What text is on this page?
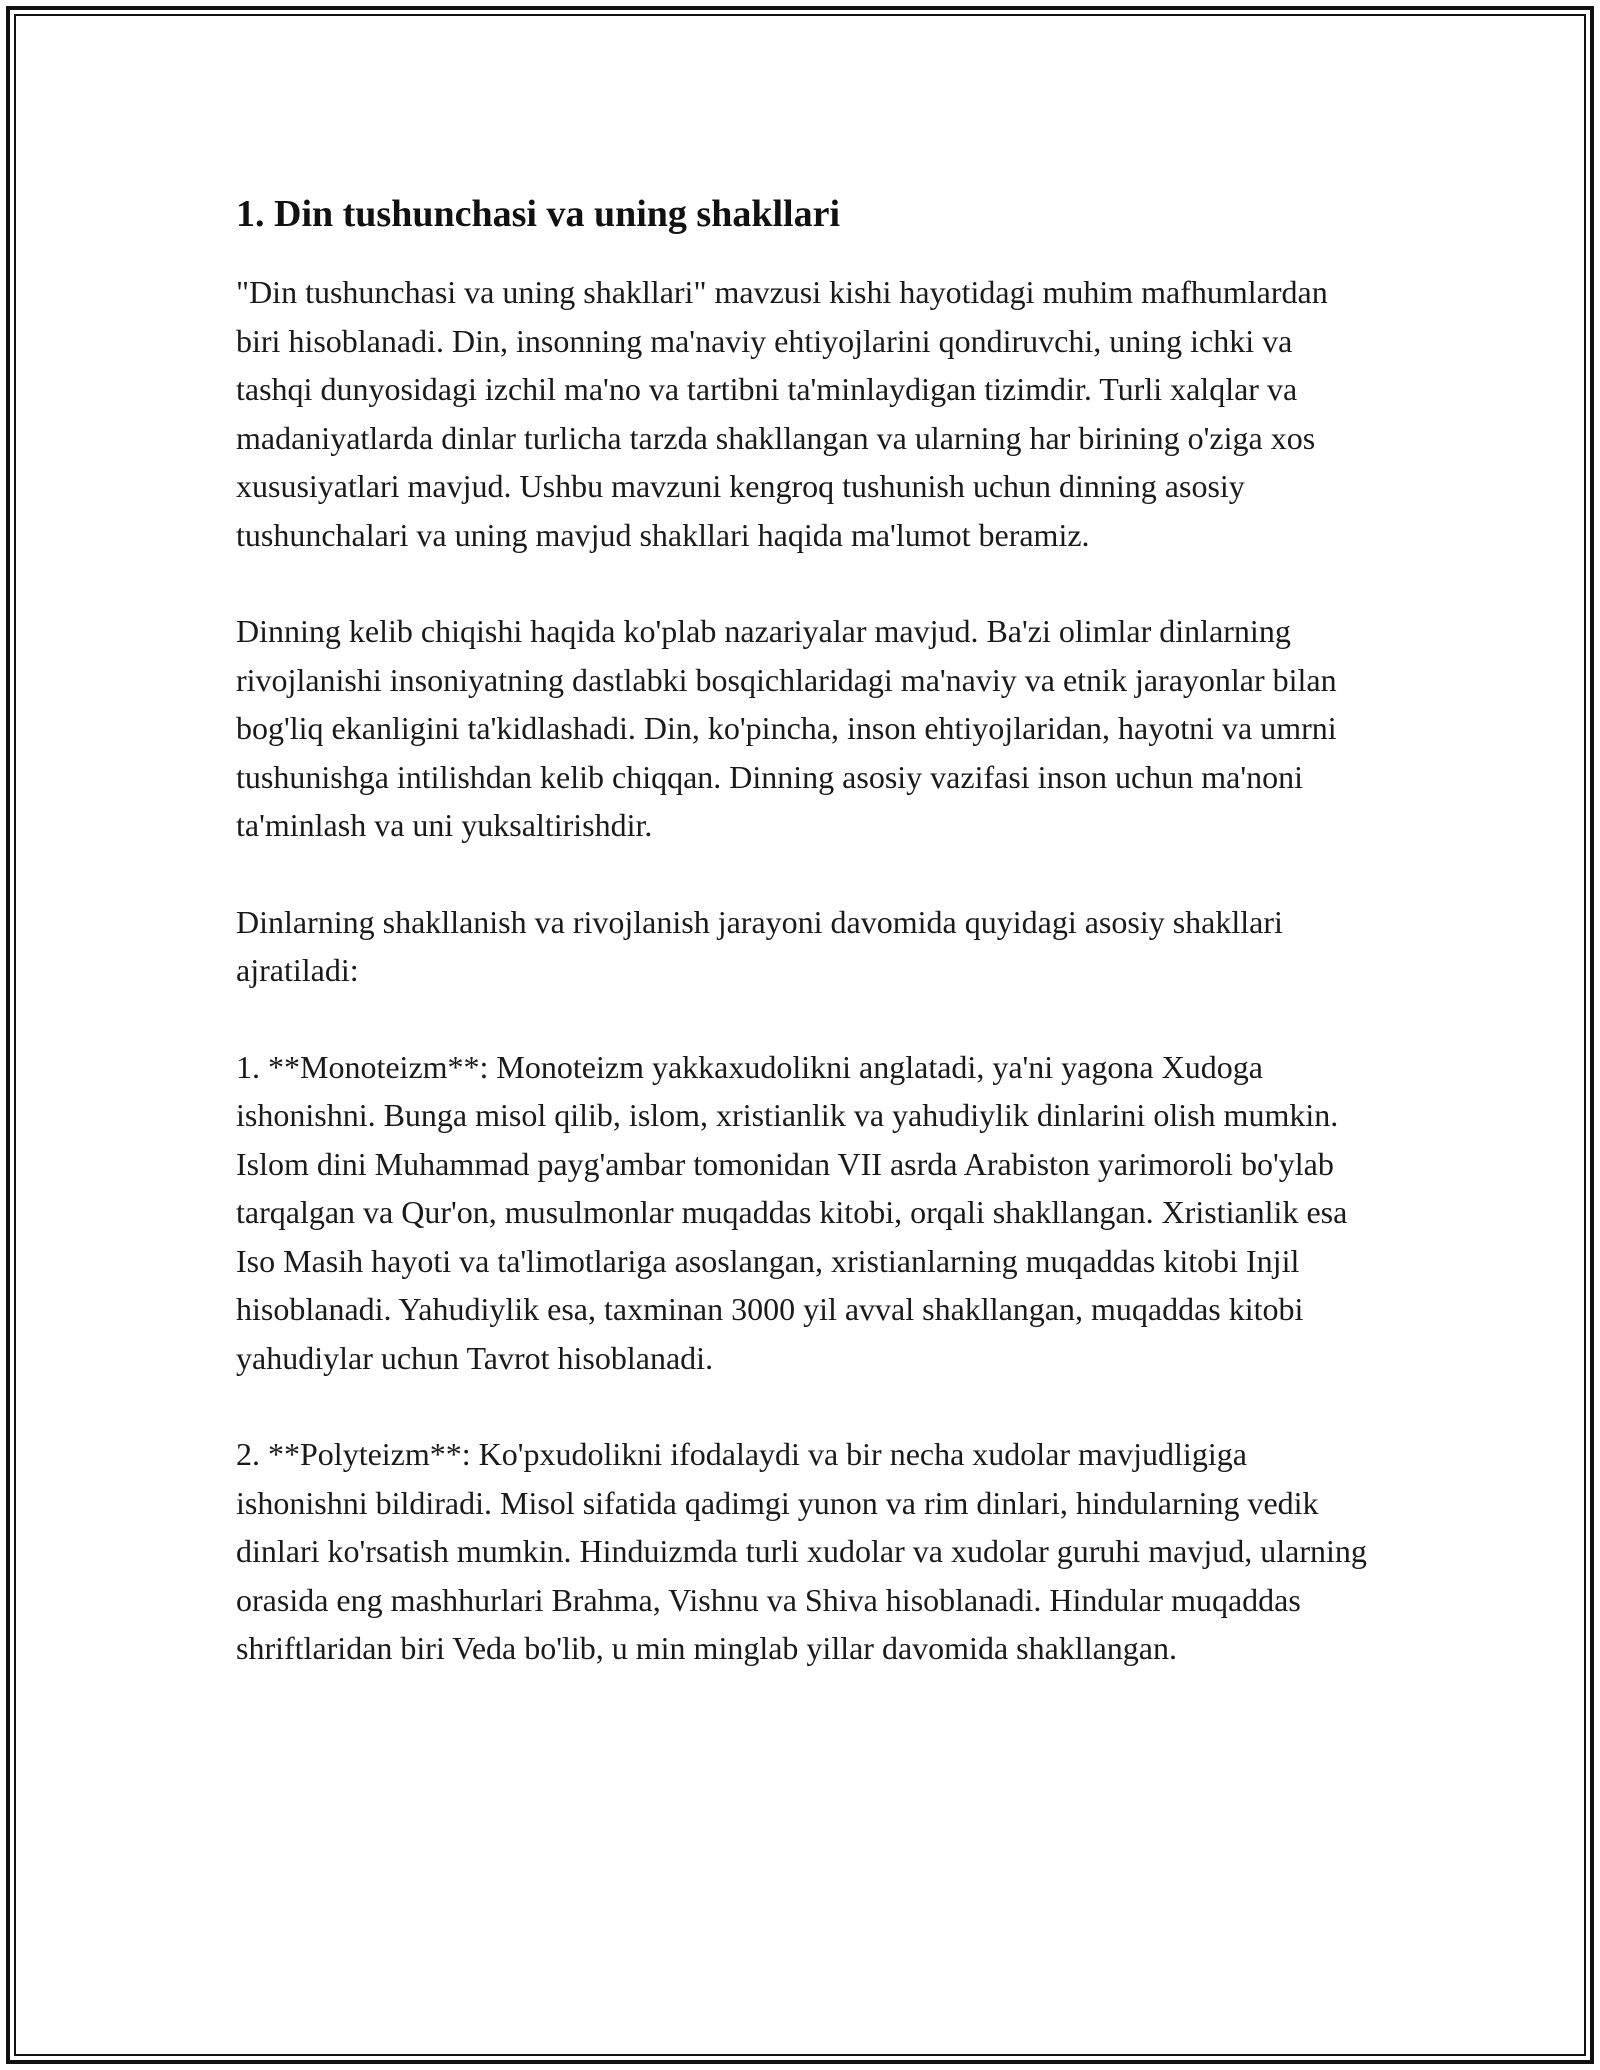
1. Din tushunchasi va uning shakllari

"Din tushunchasi va uning shakllari" mavzusi kishi hayotidagi muhim mafhumlardan biri hisoblanadi. Din, insonning ma'naviy ehtiyojlarini qondiruvchi, uning ichki va tashqi dunyosidagi izchil ma'no va tartibni ta'minlaydigan tizimdir. Turli xalqlar va madaniyatlarda dinlar turlicha tarzda shakllangan va ularning har birining o'ziga xos xususiyatlari mavjud. Ushbu mavzuni kengroq tushunish uchun dinning asosiy tushunchalari va uning mavjud shakllari haqida ma'lumot beramiz.

Dinning kelib chiqishi haqida ko'plab nazariyalar mavjud. Ba'zi olimlar dinlarning rivojlanishi insoniyatning dastlabki bosqichlaridagi ma'naviy va etnik jarayonlar bilan bog'liq ekanligini ta'kidlashadi. Din, ko'pincha, inson ehtiyojlaridan, hayotni va umrni tushunishga intilishdan kelib chiqqan. Dinning asosiy vazifasi inson uchun ma'noni ta'minlash va uni yuksaltirishdir.

Dinlarning shakllanish va rivojlanish jarayoni davomida quyidagi asosiy shakllari ajratiladi:

1. **Monoteizm**: Monoteizm yakkaxudolikni anglatadi, ya'ni yagona Xudoga ishonishni. Bunga misol qilib, islom, xristianlik va yahudiylik dinlarini olish mumkin. Islom dini Muhammad payg'ambar tomonidan VII asrda Arabiston yarimoroli bo'ylab tarqalgan va Qur'on, musulmonlar muqaddas kitobi, orqali shakllangan. Xristianlik esa Iso Masih hayoti va ta'limotlariga asoslangan, xristianlarning muqaddas kitobi Injil hisoblanadi. Yahudiylik esa, taxminan 3000 yil avval shakllangan, muqaddas kitobi yahudiylar uchun Tavrot hisoblanadi.

2. **Polyteizm**: Ko'pxudolikni ifodalaydi va bir necha xudolar mavjudligiga ishonishni bildiradi. Misol sifatida qadimgi yunon va rim dinlari, hindularning vedik dinlari ko'rsatish mumkin. Hinduizmda turli xudolar va xudolar guruhi mavjud, ularning orasida eng mashhurlari Brahma, Vishnu va Shiva hisoblanadi. Hindular muqaddas shriftlaridan biri Veda bo'lib, u min minglab yillar davomida shakllangan.
